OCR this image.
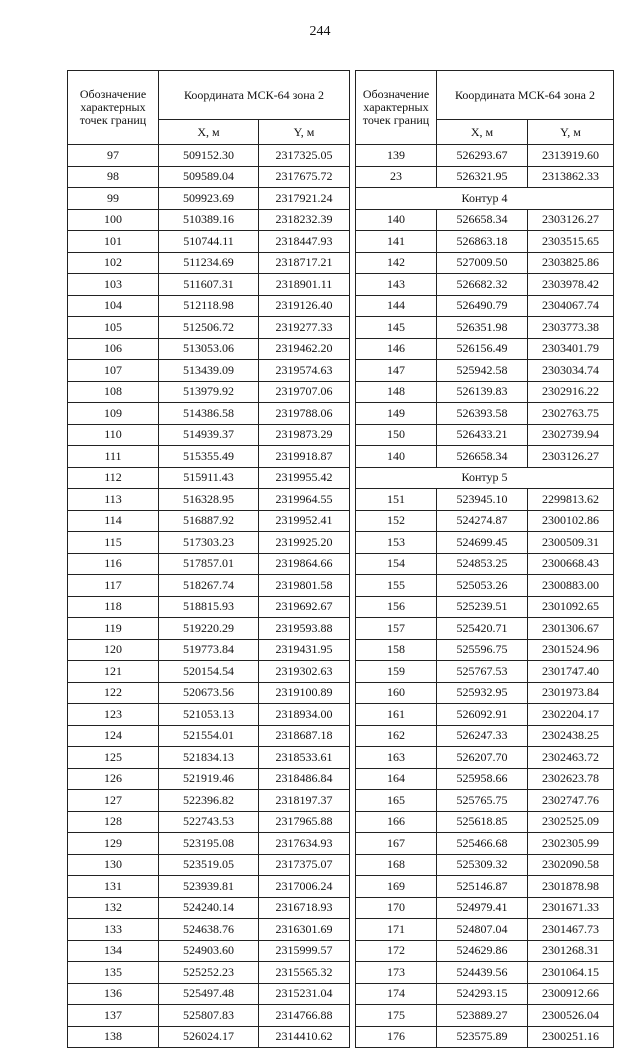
244
Обозначение характерных точек границ	Координата МСК-64 зона 2	
	X, м	Y, м
97	509152.30	2317325.05
98	509589.04	2317675.72
99	509923.69	2317921.24
100	510389.16	2318232.39
101	510744.11	2318447.93
102	511234.69	2318717.21
103	511607.31	2318901.11
104	512118.98	2319126.40
105	512506.72	2319277.33
106	513053.06	2319462.20
107	513439.09	2319574.63
108	513979.92	2319707.06
109	514386.58	2319788.06
110	514939.37	2319873.29
111	515355.49	2319918.87
112	515911.43	2319955.42
113	516328.95	2319964.55
114	516887.92	2319952.41
115	517303.23	2319925.20
116	517857.01	2319864.66
117	518267.74	2319801.58
118	518815.93	2319692.67
119	519220.29	2319593.88
120	519773.84	2319431.95
121	520154.54	2319302.63
122	520673.56	2319100.89
123	521053.13	2318934.00
124	521554.01	2318687.18
125	521834.13	2318533.61
126	521919.46	2318486.84
127	522396.82	2318197.37
128	522743.53	2317965.88
129	523195.08	2317634.93
130	523519.05	2317375.07
131	523939.81	2317006.24
132	524240.14	2316718.93
133	524638.76	2316301.69
134	524903.60	2315999.57
135	525252.23	2315565.32
136	525497.48	2315231.04
137	525807.83	2314766.88
138	526024.17	2314410.62
Обозначение характерных точек границ	Координата МСК-64 зона 2	
	X, м	Y, м
139	526293.67	2313919.60
23	526321.95	2313862.33
Контур 4		
140	526658.34	2303126.27
141	526863.18	2303515.65
142	527009.50	2303825.86
143	526682.32	2303978.42
144	526490.79	2304067.74
145	526351.98	2303773.38
146	526156.49	2303401.79
147	525942.58	2303034.74
148	526139.83	2302916.22
149	526393.58	2302763.75
150	526433.21	2302739.94
140	526658.34	2303126.27
Контур 5		
151	523945.10	2299813.62
152	524274.87	2300102.86
153	524699.45	2300509.31
154	524853.25	2300668.43
155	525053.26	2300883.00
156	525239.51	2301092.65
157	525420.71	2301306.67
158	525596.75	2301524.96
159	525767.53	2301747.40
160	525932.95	2301973.84
161	526092.91	2302204.17
162	526247.33	2302438.25
163	526207.70	2302463.72
164	525958.66	2302623.78
165	525765.75	2302747.76
166	525618.85	2302525.09
167	525466.68	2302305.99
168	525309.32	2302090.58
169	525146.87	2301878.98
170	524979.41	2301671.33
171	524807.04	2301467.73
172	524629.86	2301268.31
173	524439.56	2301064.15
174	524293.15	2300912.66
175	523889.27	2300526.04
176	523575.89	2300251.16
